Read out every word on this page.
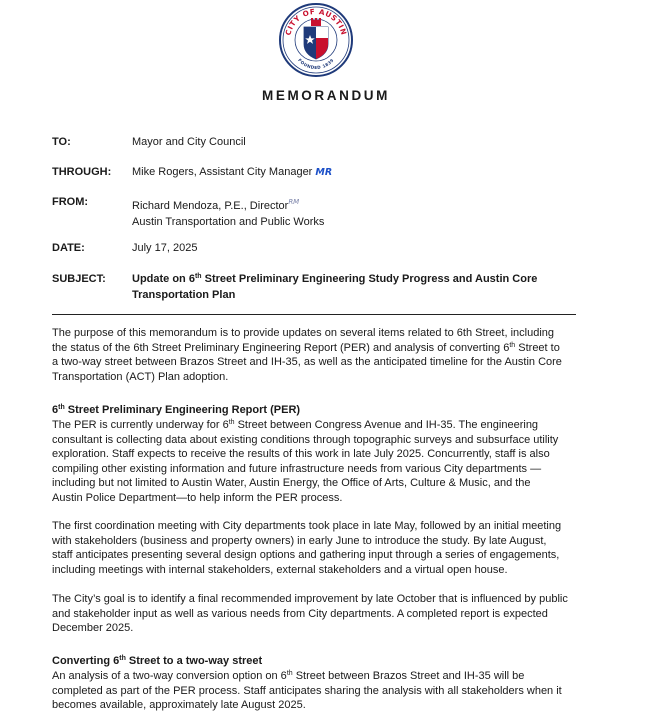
CITY OF AUSTIN
FOUNDED 1839
MEMORANDUM
TO:	Mayor and City Council
THROUGH:	Mike Rogers, Assistant City Manager MR
FROM:	Richard Mendoza, P.E., Director$^{RM}$
Austin Transportation and Public Works
DATE:	July 17, 2025
SUBJECT:	Update on 6th Street Preliminary Engineering Study Progress and Austin Core
Transportation Plan

The purpose of this memorandum is to provide updates on several items related to 6th Street, including
the status of the 6th Street Preliminary Engineering Report (PER) and analysis of converting 6th Street to
a two-way street between Brazos Street and IH-35, as well as the anticipated timeline for the Austin Core
Transportation (ACT) Plan adoption.

6th Street Preliminary Engineering Report (PER)

The PER is currently underway for 6th Street between Congress Avenue and IH-35. The engineering
consultant is collecting data about existing conditions through topographic surveys and subsurface utility
exploration. Staff expects to receive the results of this work in late July 2025. Concurrently, staff is also
compiling other existing information and future infrastructure needs from various City departments —
including but not limited to Austin Water, Austin Energy, the Office of Arts, Culture & Music, and the
Austin Police Department—to help inform the PER process.

The first coordination meeting with City departments took place in late May, followed by an initial meeting
with stakeholders (business and property owners) in early June to introduce the study. By late August,
staff anticipates presenting several design options and gathering input through a series of engagements,
including meetings with internal stakeholders, external stakeholders and a virtual open house.

The City’s goal is to identify a final recommended improvement by late October that is influenced by public
and stakeholder input as well as various needs from City departments. A completed report is expected
December 2025.

Converting 6th Street to a two-way street

An analysis of a two-way conversion option on 6th Street between Brazos Street and IH-35 will be
completed as part of the PER process. Staff anticipates sharing the analysis with all stakeholders when it
becomes available, approximately late August 2025.
